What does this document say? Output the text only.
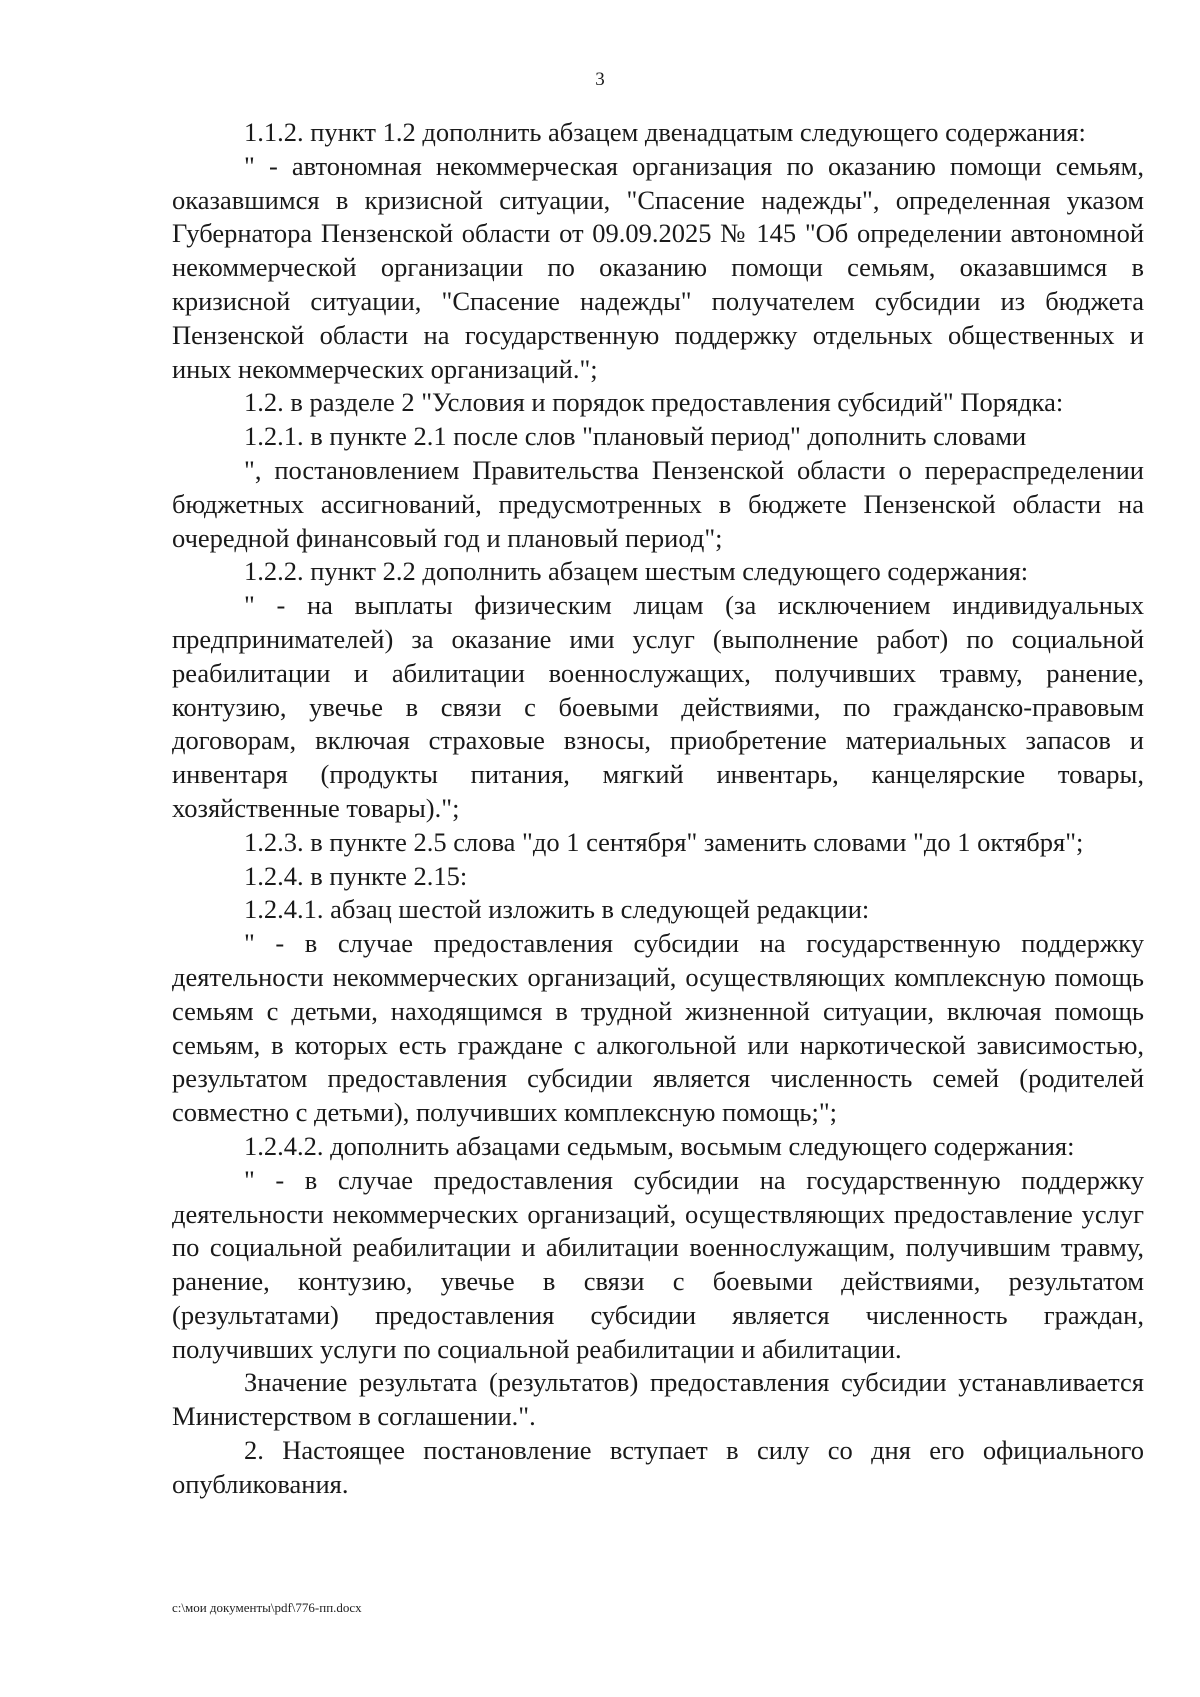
3

1.1.2. пункт 1.2 дополнить абзацем двенадцатым следующего содержания:

" - автономная некоммерческая организация по оказанию помощи семьям, оказавшимся в кризисной ситуации, "Спасение надежды", определенная указом Губернатора Пензенской области от 09.09.2025 № 145 "Об определении автономной некоммерческой организации по оказанию помощи семьям, оказавшимся в кризисной ситуации, "Спасение надежды" получателем субсидии из бюджета Пензенской области на государственную поддержку отдельных общественных и иных некоммерческих организаций.";

1.2. в разделе 2 "Условия и порядок предоставления субсидий" Порядка:

1.2.1. в пункте 2.1 после слов "плановый период" дополнить словами

", постановлением Правительства Пензенской области о перераспределении бюджетных ассигнований, предусмотренных в бюджете Пензенской области на очередной финансовый год и плановый период";

1.2.2. пункт 2.2 дополнить абзацем шестым следующего содержания:

" - на выплаты физическим лицам (за исключением индивидуальных предпринимателей) за оказание ими услуг (выполнение работ) по социальной реабилитации и абилитации военнослужащих, получивших травму, ранение, контузию, увечье в связи с боевыми действиями, по гражданско-правовым договорам, включая страховые взносы, приобретение материальных запасов и инвентаря (продукты питания, мягкий инвентарь, канцелярские товары, хозяйственные товары).";

1.2.3. в пункте 2.5 слова "до 1 сентября" заменить словами "до 1 октября";

1.2.4. в пункте 2.15:

1.2.4.1. абзац шестой изложить в следующей редакции:

" - в случае предоставления субсидии на государственную поддержку деятельности некоммерческих организаций, осуществляющих комплексную помощь семьям с детьми, находящимся в трудной жизненной ситуации, включая помощь семьям, в которых есть граждане с алкогольной или наркотической зависимостью, результатом предоставления субсидии является численность семей (родителей совместно с детьми), получивших комплексную помощь;";

1.2.4.2. дополнить абзацами седьмым, восьмым следующего содержания:

" - в случае предоставления субсидии на государственную поддержку деятельности некоммерческих организаций, осуществляющих предоставление услуг по социальной реабилитации и абилитации военнослужащим, получившим травму, ранение, контузию, увечье в связи с боевыми действиями, результатом (результатами) предоставления субсидии является численность граждан, получивших услуги по социальной реабилитации и абилитации.

Значение результата (результатов) предоставления субсидии устанавливается Министерством в соглашении.".

2. Настоящее постановление вступает в силу со дня его официального опубликования.

c:\мои документы\pdf\776-пп.docx
